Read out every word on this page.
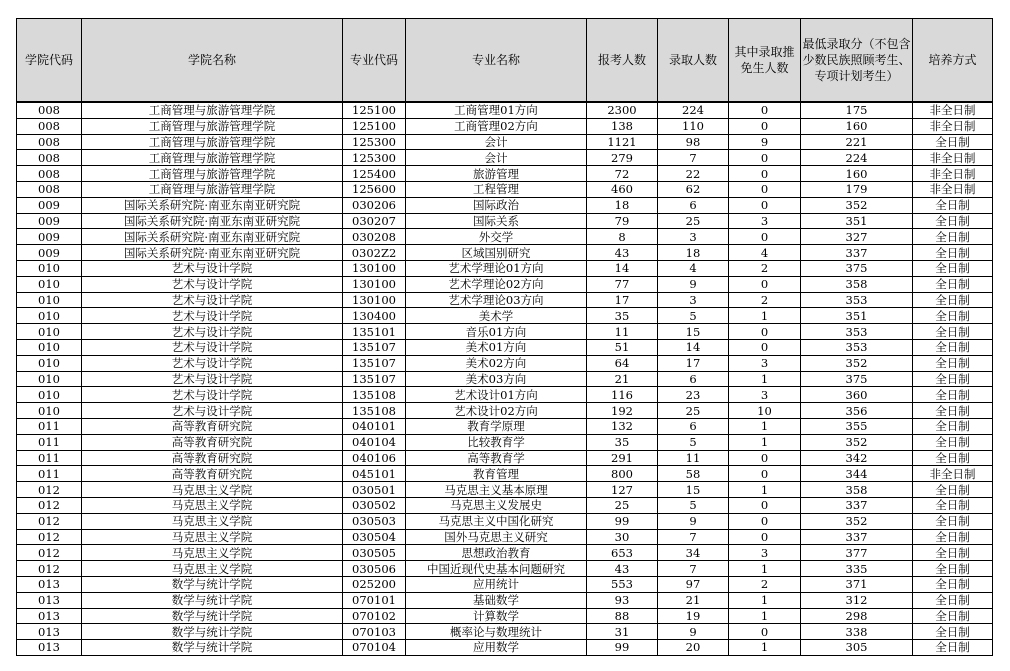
学院代码	学院名称	专业代码	专业名称	报考人数	录取人数	其中录取推免生人数	最低录取分（不包含少数民族照顾考生、专项计划考生）	培养方式
008	工商管理与旅游管理学院	125100	工商管理01方向	2300	224	0	175	非全日制
008	工商管理与旅游管理学院	125100	工商管理02方向	138	110	0	160	非全日制
008	工商管理与旅游管理学院	125300	会计	1121	98	9	221	全日制
008	工商管理与旅游管理学院	125300	会计	279	7	0	224	非全日制
008	工商管理与旅游管理学院	125400	旅游管理	72	22	0	160	非全日制
008	工商管理与旅游管理学院	125600	工程管理	460	62	0	179	非全日制
009	国际关系研究院·南亚东南亚研究院	030206	国际政治	18	6	0	352	全日制
009	国际关系研究院·南亚东南亚研究院	030207	国际关系	79	25	3	351	全日制
009	国际关系研究院·南亚东南亚研究院	030208	外交学	8	3	0	327	全日制
009	国际关系研究院·南亚东南亚研究院	0302Z2	区域国别研究	43	18	4	337	全日制
010	艺术与设计学院	130100	艺术学理论01方向	14	4	2	375	全日制
010	艺术与设计学院	130100	艺术学理论02方向	77	9	0	358	全日制
010	艺术与设计学院	130100	艺术学理论03方向	17	3	2	353	全日制
010	艺术与设计学院	130400	美术学	35	5	1	351	全日制
010	艺术与设计学院	135101	音乐01方向	11	15	0	353	全日制
010	艺术与设计学院	135107	美术01方向	51	14	0	353	全日制
010	艺术与设计学院	135107	美术02方向	64	17	3	352	全日制
010	艺术与设计学院	135107	美术03方向	21	6	1	375	全日制
010	艺术与设计学院	135108	艺术设计01方向	116	23	3	360	全日制
010	艺术与设计学院	135108	艺术设计02方向	192	25	10	356	全日制
011	高等教育研究院	040101	教育学原理	132	6	1	355	全日制
011	高等教育研究院	040104	比较教育学	35	5	1	352	全日制
011	高等教育研究院	040106	高等教育学	291	11	0	342	全日制
011	高等教育研究院	045101	教育管理	800	58	0	344	非全日制
012	马克思主义学院	030501	马克思主义基本原理	127	15	1	358	全日制
012	马克思主义学院	030502	马克思主义发展史	25	5	0	337	全日制
012	马克思主义学院	030503	马克思主义中国化研究	99	9	0	352	全日制
012	马克思主义学院	030504	国外马克思主义研究	30	7	0	337	全日制
012	马克思主义学院	030505	思想政治教育	653	34	3	377	全日制
012	马克思主义学院	030506	中国近现代史基本问题研究	43	7	1	335	全日制
013	数学与统计学院	025200	应用统计	553	97	2	371	全日制
013	数学与统计学院	070101	基础数学	93	21	1	312	全日制
013	数学与统计学院	070102	计算数学	88	19	1	298	全日制
013	数学与统计学院	070103	概率论与数理统计	31	9	0	338	全日制
013	数学与统计学院	070104	应用数学	99	20	1	305	全日制
